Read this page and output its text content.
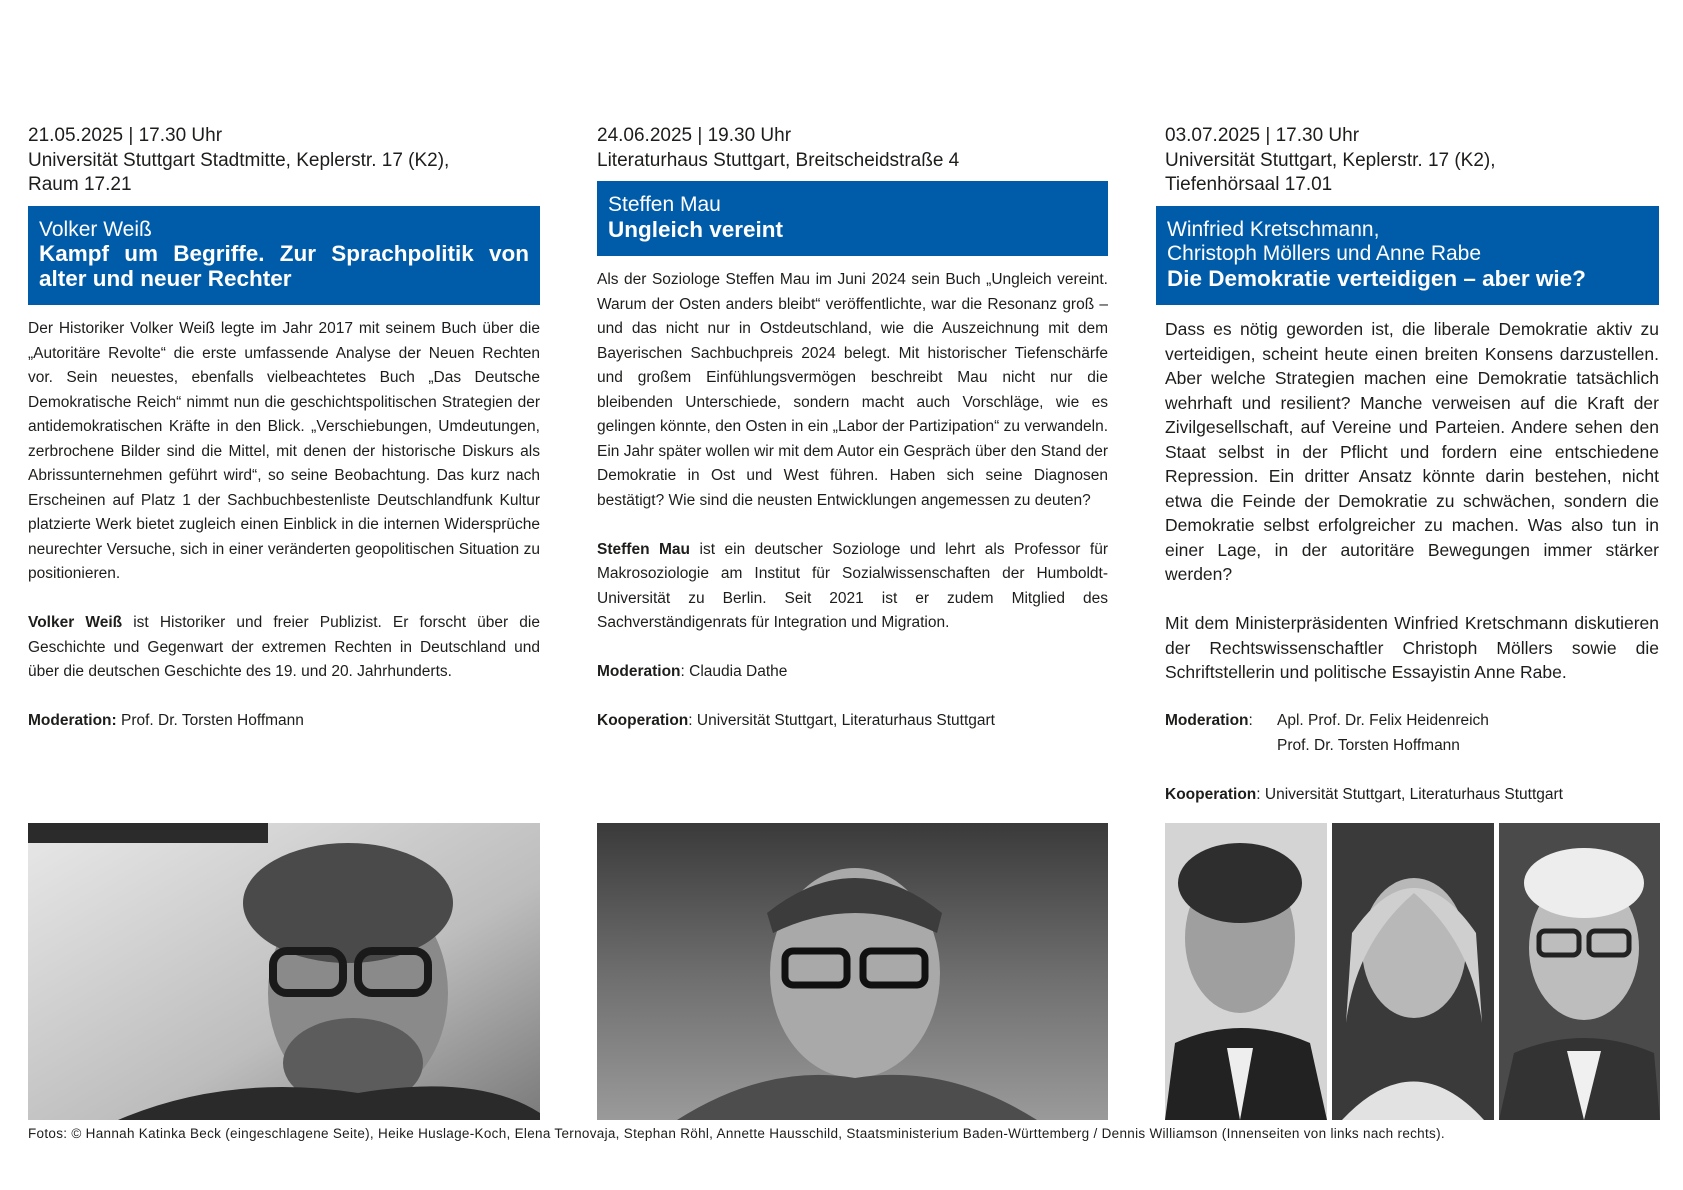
21.05.2025 | 17.30 Uhr
Universität Stuttgart Stadtmitte, Keplerstr. 17 (K2),
Raum 17.21
Volker Weiß
Kampf um Begriffe. Zur Sprachpolitik von alter und neuer Rechter

Der Historiker Volker Weiß legte im Jahr 2017 mit seinem Buch über die „Autoritäre Revolte“ die erste umfassende Analyse der Neuen Rechten vor. Sein neuestes, ebenfalls vielbeachtetes Buch „Das Deutsche Demokratische Reich“ nimmt nun die geschichtspolitischen Strategien der antidemokratischen Kräfte in den Blick. „Verschiebungen, Umdeutungen, zerbrochene Bilder sind die Mittel, mit denen der historische Diskurs als Abrissunternehmen geführt wird“, so seine Beobachtung. Das kurz nach Erscheinen auf Platz 1 der Sachbuchbestenliste Deutschlandfunk Kultur platzierte Werk bietet zugleich einen Einblick in die internen Widersprüche neurechter Versuche, sich in einer veränderten geopolitischen Situation zu positionieren.

Volker Weiß ist Historiker und freier Publizist. Er forscht über die Geschichte und Gegenwart der extremen Rechten in Deutschland und über die deutschen Geschichte des 19. und 20. Jahrhunderts.

Moderation: Prof. Dr. Torsten Hoffmann
24.06.2025 | 19.30 Uhr
Literaturhaus Stuttgart, Breitscheidstraße 4
Steffen Mau
Ungleich vereint

Als der Soziologe Steffen Mau im Juni 2024 sein Buch „Ungleich vereint. Warum der Osten anders bleibt“ veröffentlichte, war die Resonanz groß – und das nicht nur in Ostdeutschland, wie die Auszeichnung mit dem Bayerischen Sachbuchpreis 2024 belegt. Mit historischer Tiefenschärfe und großem Einfühlungsvermögen beschreibt Mau nicht nur die bleibenden Unterschiede, sondern macht auch Vorschläge, wie es gelingen könnte, den Osten in ein „Labor der Partizipation“ zu verwandeln. Ein Jahr später wollen wir mit dem Autor ein Gespräch über den Stand der Demokratie in Ost und West führen. Haben sich seine Diagnosen bestätigt? Wie sind die neusten Entwicklungen angemessen zu deuten?

Steffen Mau ist ein deutscher Soziologe und lehrt als Professor für Makrosoziologie am Institut für Sozialwissenschaften der Humboldt-Universität zu Berlin. Seit 2021 ist er zudem Mitglied des Sachverständigenrats für Integration und Migration.

Moderation: Claudia Dathe
Kooperation: Universität Stuttgart, Literaturhaus Stuttgart
03.07.2025 | 17.30 Uhr
Universität Stuttgart, Keplerstr. 17 (K2),
Tiefenhörsaal 17.01
Winfried Kretschmann,
Christoph Möllers und Anne Rabe
Die Demokratie verteidigen – aber wie?

Dass es nötig geworden ist, die liberale Demokratie aktiv zu verteidigen, scheint heute einen breiten Konsens darzustellen. Aber welche Strategien machen eine Demokratie tatsächlich wehrhaft und resilient? Manche verweisen auf die Kraft der Zivilgesellschaft, auf Vereine und Parteien. Andere sehen den Staat selbst in der Pflicht und fordern eine entschiedene Repression. Ein dritter Ansatz könnte darin bestehen, nicht etwa die Feinde der Demokratie zu schwächen, sondern die Demokratie selbst erfolgreicher zu machen. Was also tun in einer Lage, in der autoritäre Bewegungen immer stärker werden?

Mit dem Ministerpräsidenten Winfried Kretschmann diskutieren der Rechtswissenschaftler Christoph Möllers sowie die Schriftstellerin und politische Essayistin Anne Rabe.

Moderation:	Apl. Prof. Dr. Felix Heidenreich
Prof. Dr. Torsten Hoffmann
Kooperation: Universität Stuttgart, Literaturhaus Stuttgart
Fotos: © Hannah Katinka Beck (eingeschlagene Seite), Heike Huslage-Koch, Elena Ternovaja, Stephan Röhl, Annette Hausschild, Staatsministerium Baden-Württemberg / Dennis Williamson (Innenseiten von links nach rechts).
